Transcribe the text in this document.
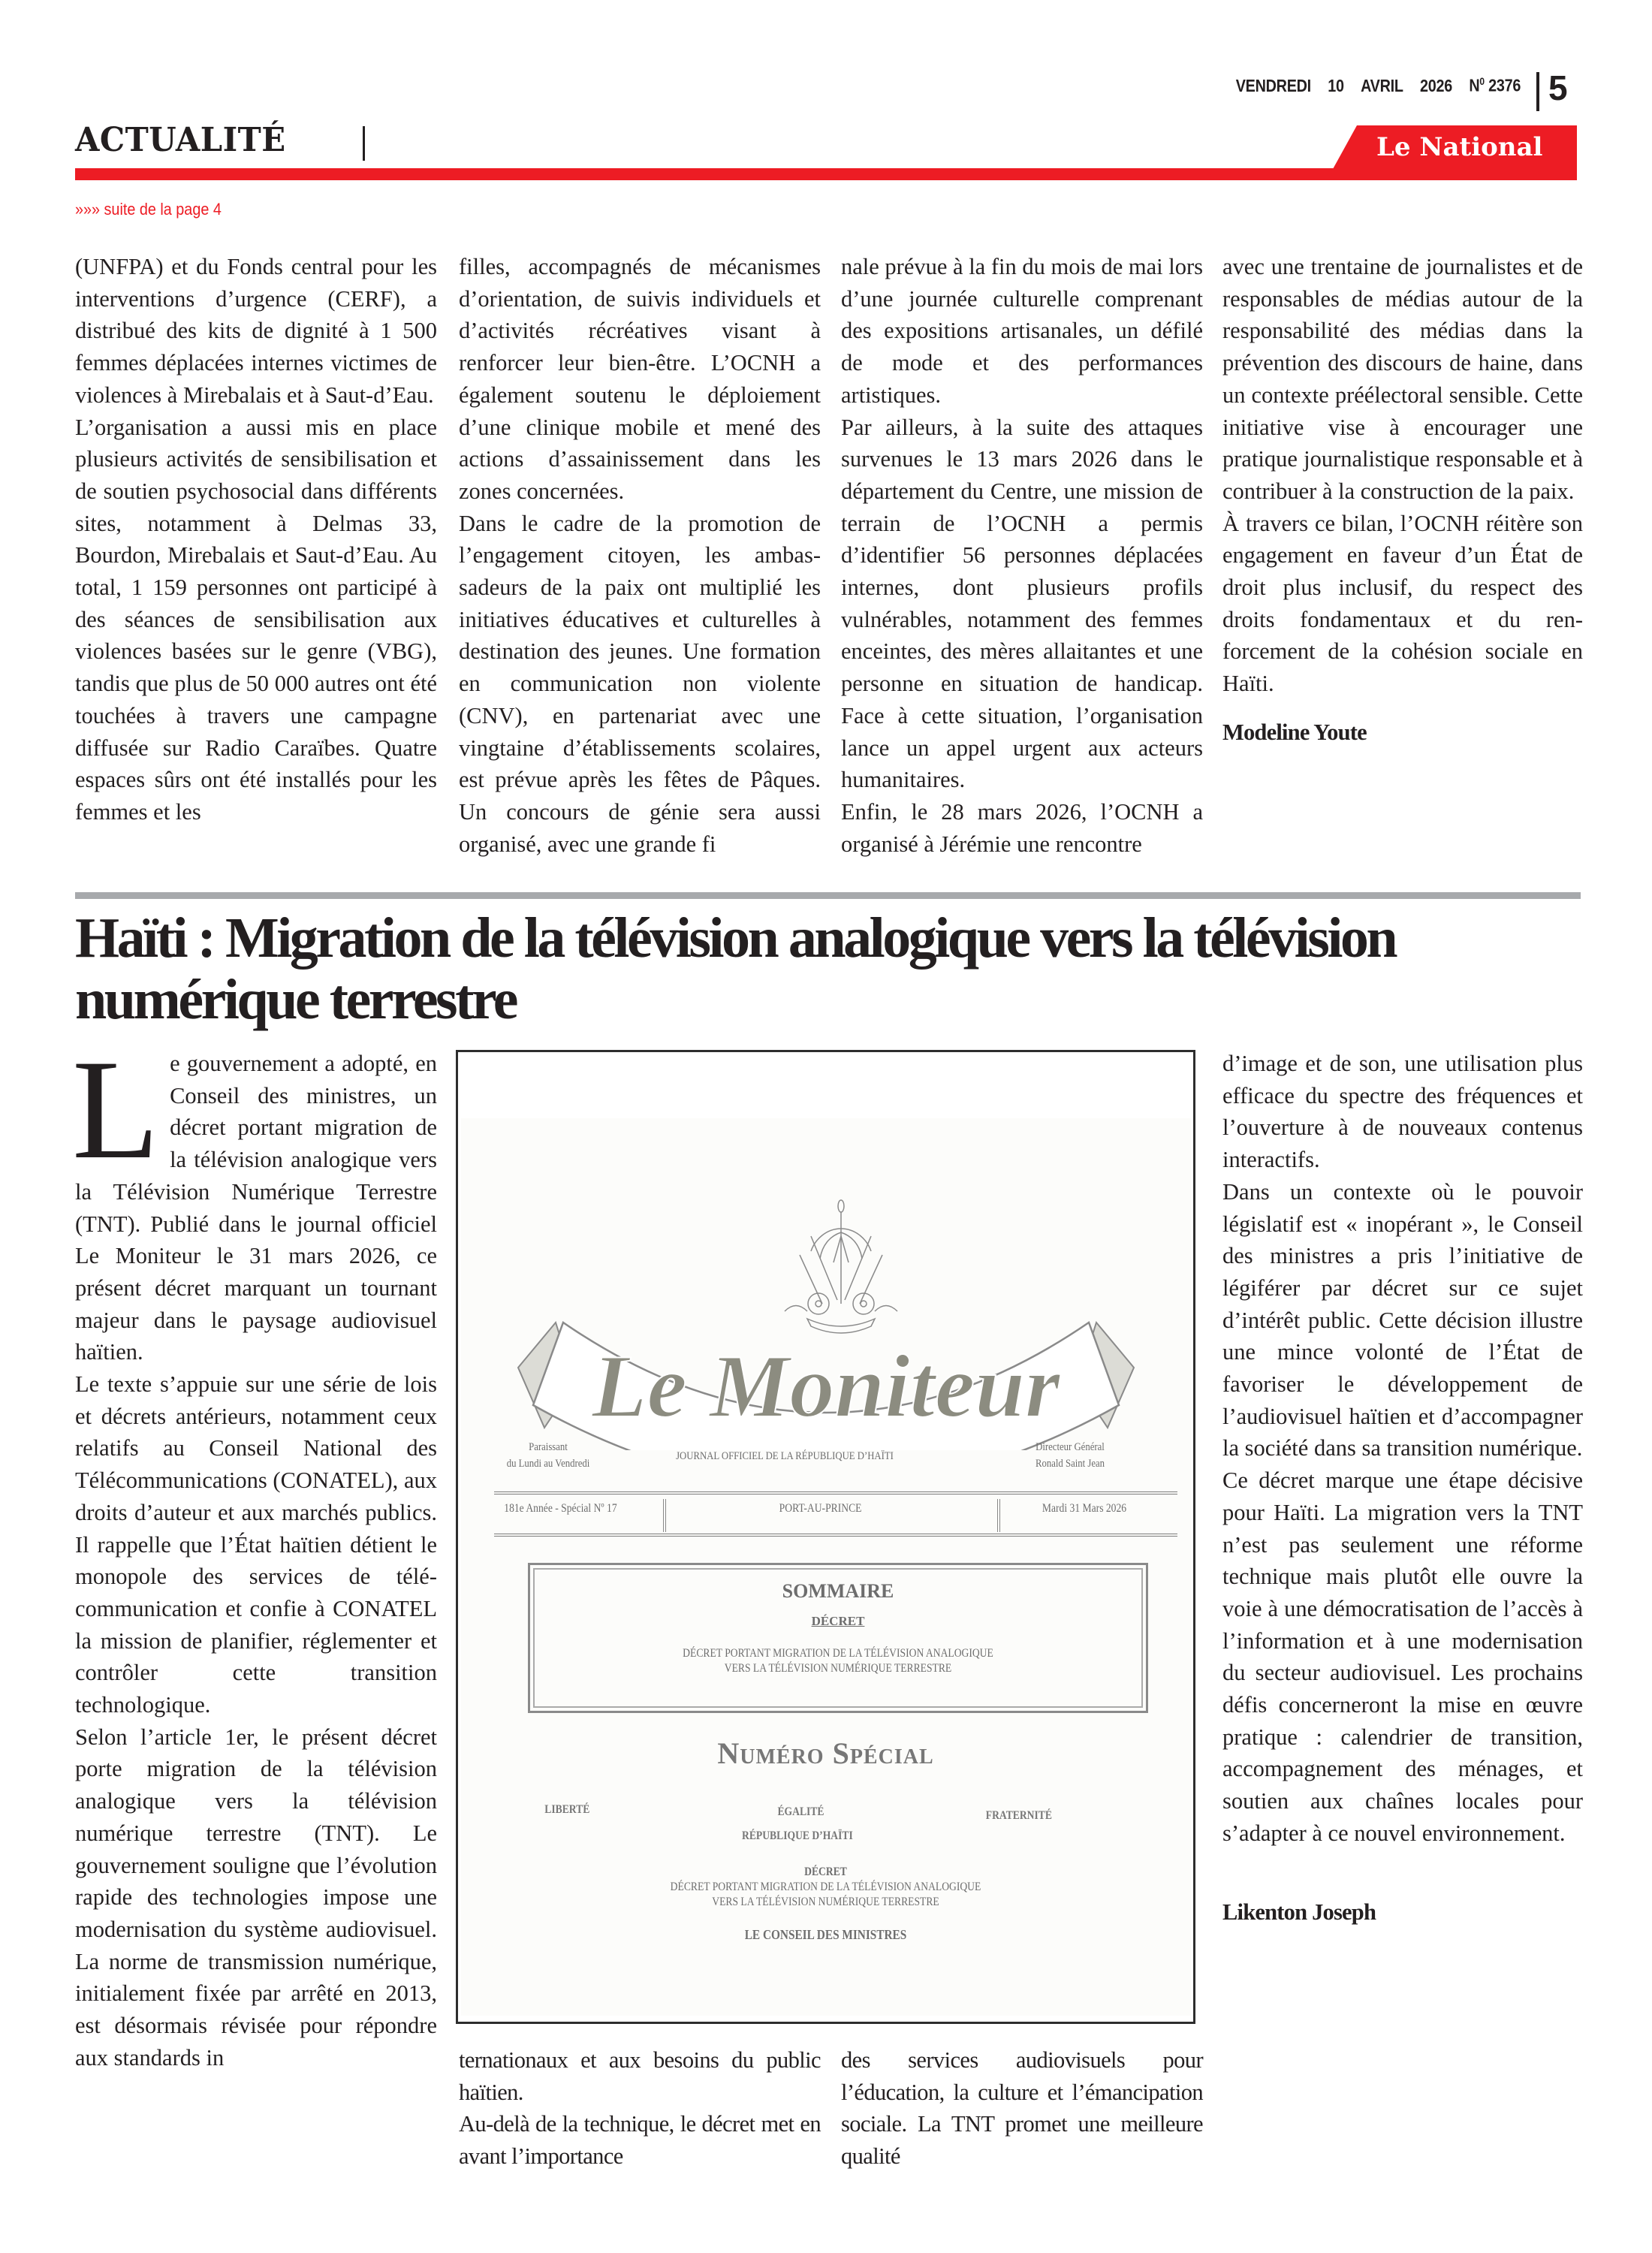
VENDREDI 10 AVRIL 2026 $N^0$ 2376 5
ACTUALITÉ	Le National
»»» suite de la page 4

(UNFPA) et du Fonds central pour les interventions d’urgence (CERF), a distribué des kits de dignité à 1 500 femmes déplacées internes victimes de violences à Mirebalais et à Saut-d’Eau.

L’organisation a aussi mis en place plusieurs activités de sensibilisation et de soutien psychosocial dans différents sites, notamment à Delmas 33, Bourdon, Mirebalais et Saut-d’Eau. Au total, 1 159 personnes ont participé à des séances de sensibilisation aux violences basées sur le genre (VBG), tandis que plus de 50 000 autres ont été touchées à travers une campagne diffusée sur Radio Caraïbes. Quatre espaces sûrs ont été installés pour les femmes et les

filles, accompagnés de mécanismes d’orientation, de suivis individuels et d’activités récréatives visant à renforcer leur bien-être. L’OCNH a également soutenu le déploiement d’une clinique mobile et mené des actions d’assainissement dans les zones concernées.

Dans le cadre de la promotion de l’engagement citoyen, les ambassadeurs de la paix ont multiplié les initiatives éducatives et culturelles à destination des jeunes. Une formation en communication non violente (CNV), en partenariat avec une vingtaine d’établissements scolaires, est prévue après les fêtes de Pâques. Un concours de génie sera aussi organisé, avec une grande fi

nale prévue à la fin du mois de mai lors d’une journée culturelle comprenant des expositions artisanales, un défilé de mode et des performances artistiques.

Par ailleurs, à la suite des attaques survenues le 13 mars 2026 dans le département du Centre, une mission de terrain de l’OCNH a permis d’identifier 56 personnes déplacées internes, dont plusieurs profils vulnérables, notamment des femmes enceintes, des mères allaitantes et une personne en situation de handicap. Face à cette situation, l’organisation lance un appel urgent aux acteurs humanitaires.

Enfin, le 28 mars 2026, l’OCNH a organisé à Jérémie une rencontre

avec une trentaine de journalistes et de responsables de médias autour de la responsabilité des médias dans la prévention des discours de haine, dans un contexte préélectoral sensible. Cette initiative vise à encourager une pratique journalistique responsable et à contribuer à la construction de la paix.

À travers ce bilan, l’OCNH réitère son engagement en faveur d’un État de droit plus inclusif, du respect des droits fondamentaux et du renforcement de la cohésion sociale en Haïti.

Modeline Youte

Haïti : Migration de la télévision analogique vers la télévision numérique terrestre

Le gouvernement a adopté, en Conseil des ministres, un décret portant migration de la télévision analogique vers la Télévision Numérique Terrestre (TNT). Publié dans le journal officiel Le Moniteur le 31 mars 2026, ce présent décret marquant un tournant majeur dans le paysage audiovisuel haïtien.

Le texte s’appuie sur une série de lois et décrets antérieurs, notamment ceux relatifs au Conseil National des Télécommunications (CONATEL), aux droits d’auteur et aux marchés publics. Il rappelle que l’État haïtien détient le monopole des services de télécommunication et confie à CONATEL la mission de planifier, réglementer et contrôler cette transition technologique.

Selon l’article 1er, le présent décret porte migration de la télévision analogique vers la télévision numérique terrestre (TNT). Le gouvernement souligne que l’évolution rapide des technologies impose une modernisation du système audiovisuel. La norme de transmission numérique, initialement fixée par arrêté en 2013, est désormais révisée pour répondre aux standards in

Le Moniteur
Paraissant
du Lundi au Vendredi
JOURNAL OFFICIEL DE LA RÉPUBLIQUE D’HAÏTI
Directeur Général
Ronald Saint Jean
181e Année - Spécial Nº 17	PORT-AU-PRINCE	Mardi 31 Mars 2026
SOMMAIRE
DÉCRET
DÉCRET PORTANT MIGRATION DE LA TÉLÉVISION ANALOGIQUE
VERS LA TÉLÉVISION NUMÉRIQUE TERRESTRE
Numéro Spécial
LIBERTÉ	ÉGALITÉ	FRATERNITÉ
RÉPUBLIQUE D’HAÏTI
DÉCRET
DÉCRET PORTANT MIGRATION DE LA TÉLÉVISION ANALOGIQUE
VERS LA TÉLÉVISION NUMÉRIQUE TERRESTRE
LE CONSEIL DES MINISTRES

ternationaux et aux besoins du public haïtien.

Au-delà de la technique, le décret met en avant l’importance

des services audiovisuels pour l’éducation, la culture et l’émancipation sociale. La TNT promet une meilleure qualité

d’image et de son, une utilisation plus efficace du spectre des fréquences et l’ouverture à de nouveaux contenus interactifs.

Dans un contexte où le pouvoir législatif est « inopérant », le Conseil des ministres a pris l’initiative de légiférer par décret sur ce sujet d’intérêt public. Cette décision illustre une mince volonté de l’État de favoriser le développement de l’audiovisuel haïtien et d’accompagner la société dans sa transition numérique.

Ce décret marque une étape décisive pour Haïti. La migration vers la TNT n’est pas seulement une réforme technique mais plutôt elle ouvre la voie à une démocratisation de l’accès à l’information et à une modernisation du secteur audiovisuel. Les prochains défis concerneront la mise en œuvre pratique : calendrier de transition, accompagnement des ménages, et soutien aux chaînes locales pour s’adapter à ce nouvel environnement.

Likenton Joseph
